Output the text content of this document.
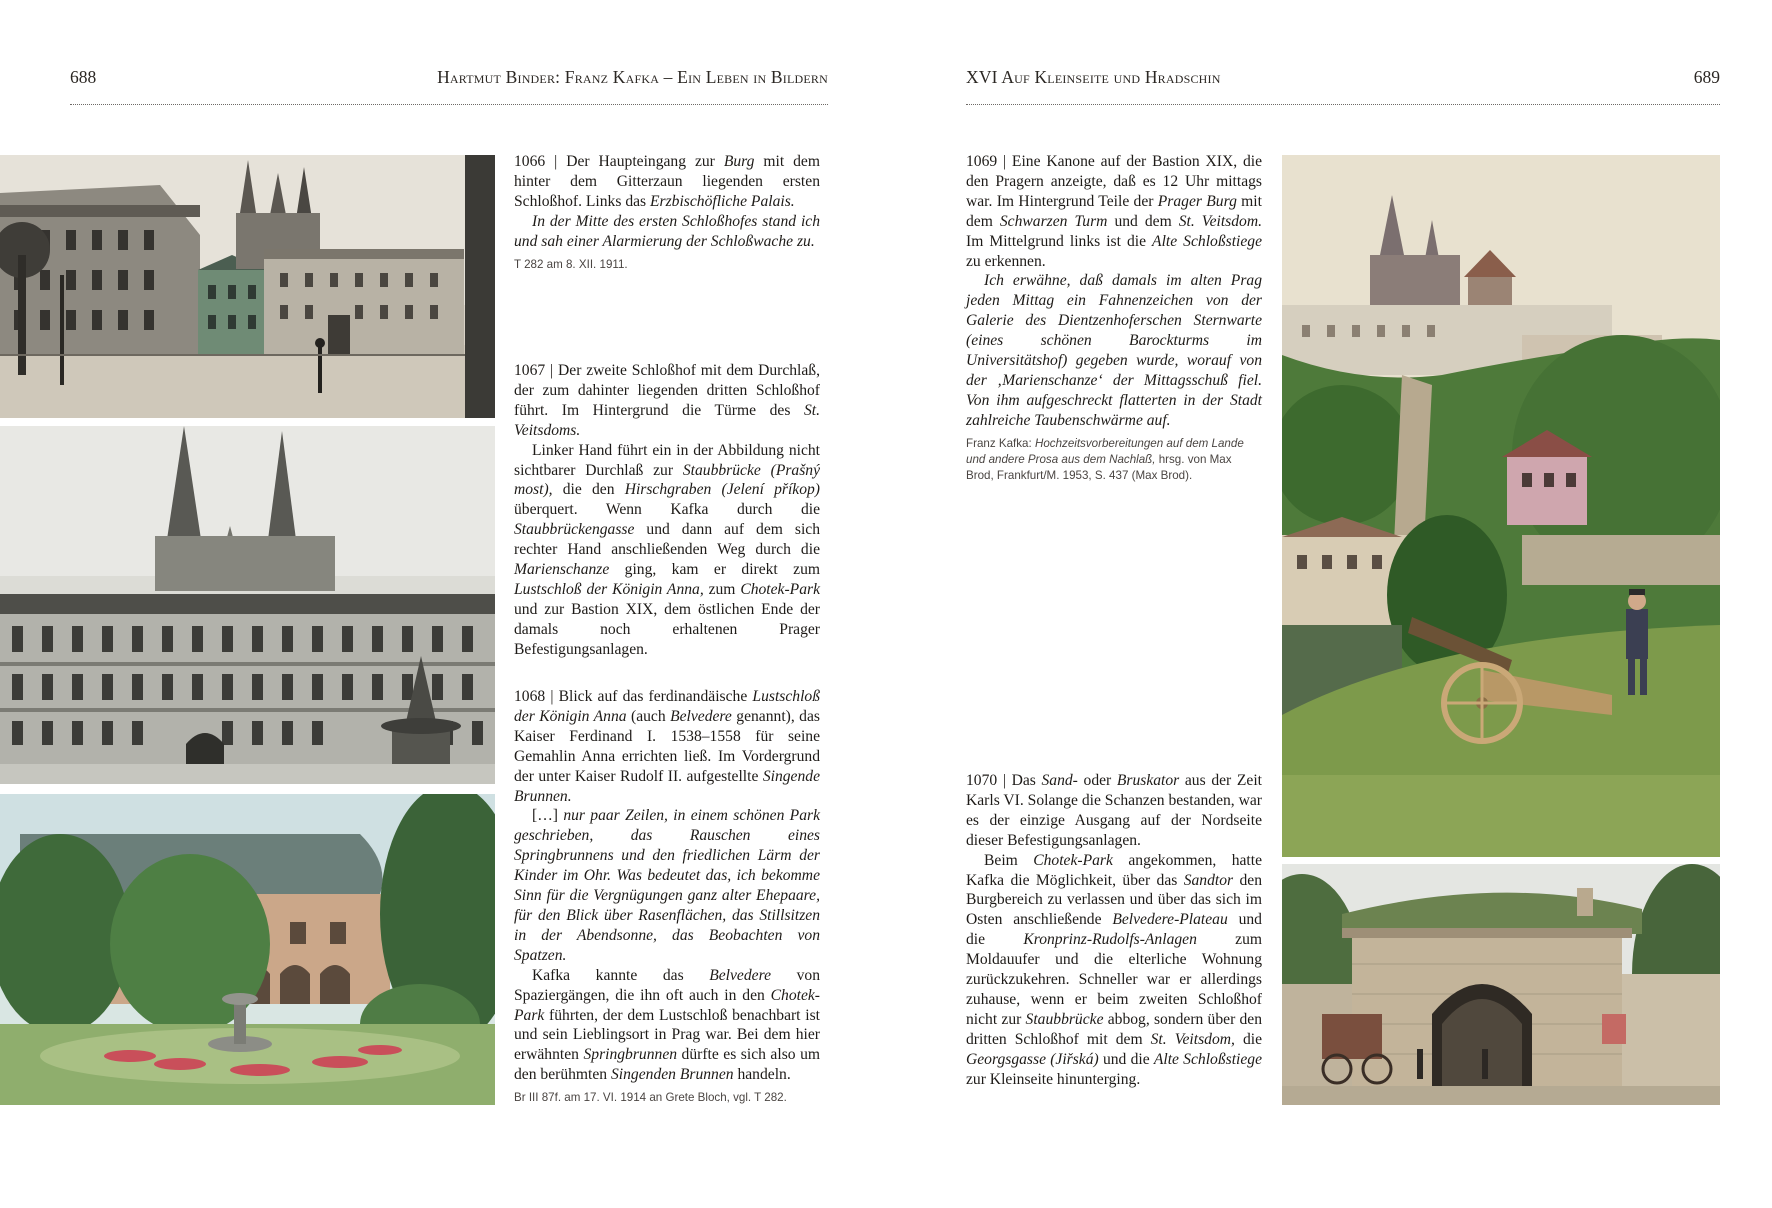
688	Hartmut Binder: Franz Kafka – Ein Leben in Bildern	XVI Auf Kleinseite und Hradschin	689

1066 | Der Haupteingang zur Burg mit dem hinter dem Gitterzaun liegenden ersten Schloßhof. Links das Erzbischöfliche Palais.

In der Mitte des ersten Schloßhofes stand ich und sah einer Alarmierung der Schloßwache zu.

T 282 am 8. XII. 1911.

1067 | Der zweite Schloßhof mit dem Durchlaß, der zum dahinter liegenden dritten Schloßhof führt. Im Hintergrund die Türme des St. Veitsdoms.

Linker Hand führt ein in der Abbildung nicht sichtbarer Durchlaß zur Staubbrücke (Prašný most), die den Hirschgraben (Jelení příkop) überquert. Wenn Kafka durch die Staubbrückengasse und dann auf dem sich rechter Hand anschließenden Weg durch die Marienschanze ging, kam er direkt zum Lustschloß der Königin Anna, zum Chotek-Park und zur Bastion XIX, dem östlichen Ende der damals noch erhaltenen Prager Befestigungsanlagen.

1068 | Blick auf das ferdinandäische Lustschloß der Königin Anna (auch Belvedere genannt), das Kaiser Ferdinand I. 1538–1558 für seine Gemahlin Anna errichten ließ. Im Vordergrund der unter Kaiser Rudolf II. aufgestellte Singende Brunnen.

[…] nur paar Zeilen, in einem schönen Park geschrieben, das Rauschen eines Springbrunnens und den friedlichen Lärm der Kinder im Ohr. Was bedeutet das, ich bekomme Sinn für die Vergnügungen ganz alter Ehepaare, für den Blick über Rasenflächen, das Stillsitzen in der Abendsonne, das Beobachten von Spatzen.

Kafka kannte das Belvedere von Spaziergängen, die ihn oft auch in den Chotek-Park führten, der dem Lustschloß benachbart ist und sein Lieblingsort in Prag war. Bei dem hier erwähnten Springbrunnen dürfte es sich also um den berühmten Singenden Brunnen handeln.

Br III 87f. am 17. VI. 1914 an Grete Bloch, vgl. T 282.

1069 | Eine Kanone auf der Bastion XIX, die den Pragern anzeigte, daß es 12 Uhr mittags war. Im Hintergrund Teile der Prager Burg mit dem Schwarzen Turm und dem St. Veitsdom. Im Mittelgrund links ist die Alte Schloßstiege zu erkennen.

Ich erwähne, daß damals im alten Prag jeden Mittag ein Fahnenzeichen von der Galerie des Dientzenhoferschen Sternwarte (eines schönen Barockturms im Universitätshof) gegeben wurde, worauf von der ‚Marienschanze‘ der Mittagsschuß fiel. Von ihm aufgeschreckt flatterten in der Stadt zahlreiche Taubenschwärme auf.

Franz Kafka: Hochzeitsvorbereitungen auf dem Lande und andere Prosa aus dem Nachlaß, hrsg. von Max Brod, Frankfurt/M. 1953, S. 437 (Max Brod).

1070 | Das Sand- oder Bruskator aus der Zeit Karls VI. Solange die Schanzen bestanden, war es der einzige Ausgang auf der Nordseite dieser Befestigungsanlagen.

Beim Chotek-Park angekommen, hatte Kafka die Möglichkeit, über das Sandtor den Burgbereich zu verlassen und über das sich im Osten anschließende Belvedere-Plateau und die Kronprinz-Rudolfs-Anlagen zum Moldauufer und die elterliche Wohnung zurückzukehren. Schneller war er allerdings zuhause, wenn er beim zweiten Schloßhof nicht zur Staubbrücke abbog, sondern über den dritten Schloßhof mit dem St. Veitsdom, die Georgsgasse (Jiřská) und die Alte Schloßstiege zur Kleinseite hinunterging.
